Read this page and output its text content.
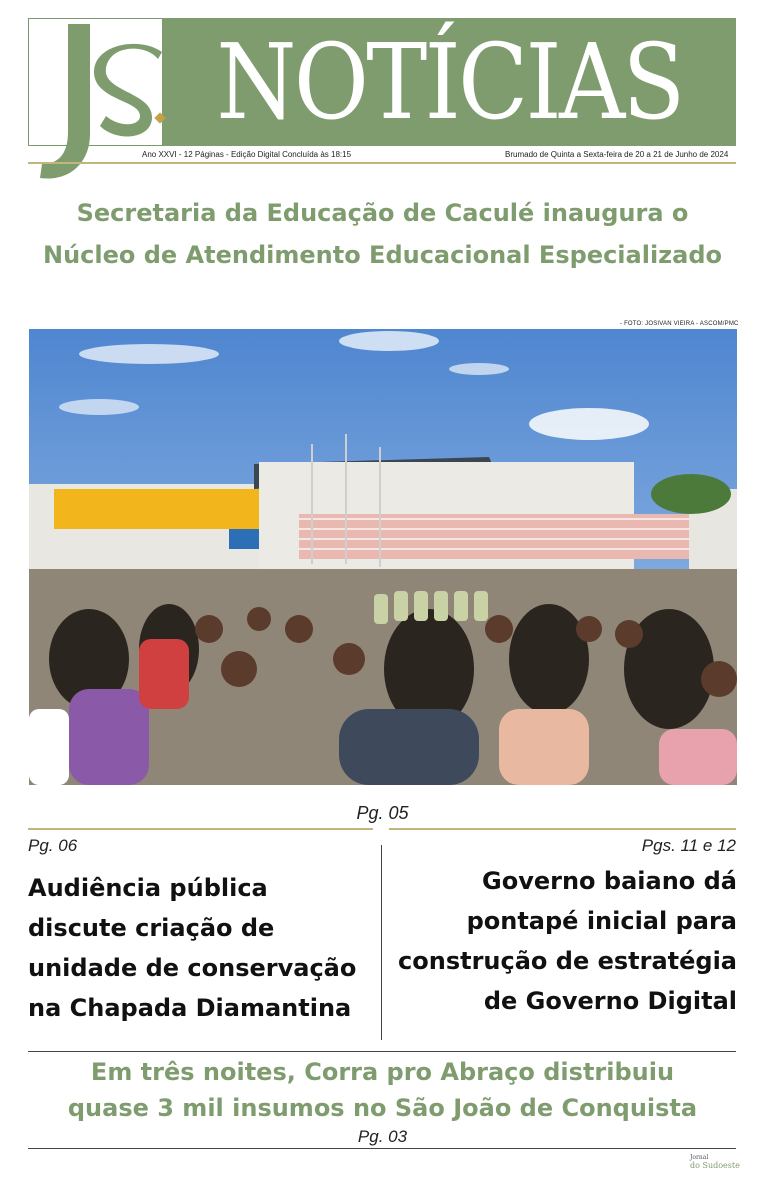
NOTÍCIAS
JS
Ano XXVI - 12 Páginas - Edição Digital Concluída às 18:15	Brumado de Quinta a Sexta-feira de 20 a 21 de Junho de 2024
Secretaria da Educação de Caculé inaugura o
Núcleo de Atendimento Educacional Especializado
- FOTO: JOSIVAN VIEIRA - ASCOM/PMC
Pg. 05
Pg. 06	Pgs. 11 e 12
Audiência pública
discute criação de
unidade de conservação
na Chapada Diamantina
Governo baiano dá
pontapé inicial para
construção de estratégia
de Governo Digital
Em três noites, Corra pro Abraço distribuiu
quase 3 mil insumos no São João de Conquista
Pg. 03
Jornal
do Sudoeste
